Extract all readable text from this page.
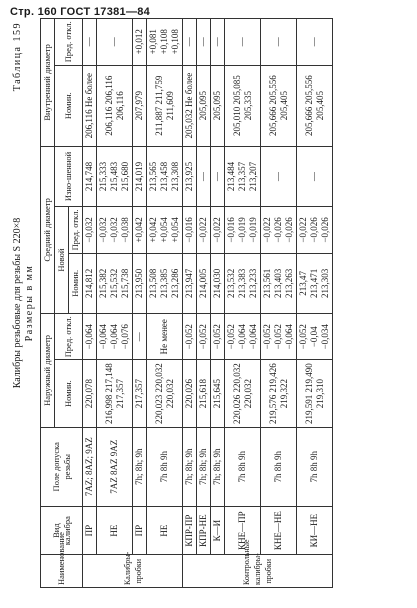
Стр. 160 ГОСТ 17381—84
Калибры резьбовые для резьбы S 220×8 Размеры в мм
Таблица 159
Наименование	Вид калибра	Поле допуска резьбы	Наружный диаметр		Средний диаметр			Внутренний диаметр	
			Номин.	Пред. откл.	Новой		Изно-шенной	Номин.	Пред. откл.
					Номин.	Пред. откл.			
Калибры-пробки	ПР	7AZ; 8AZ; 9AZ	220,078	−0,064	214,812	−0,032	214,748	206,116 Не более	—
	НЕ	7AZ 8AZ 9AZ	216,998 217,148 217,357	−0,064 −0,064 −0,076	215,382 215,532 215,738	−0,032 −0,032 −0,038	215,333 215,483 215,680	206,116 206,116 206,116	—
	ПР	7h; 8h; 9h	217,357	—	213,950	+0,042	214,019	207,979	+0,012
	НЕ	7h 8h 9h	220,023 220,032 220,032	Не менее	213,508 213,385 213,286	+0,042 +0,054 +0,054	213,565 213,458 213,308	211,887 211,759 211,609	+0,081 +0,108 +0,108
Контрольные калибры-пробки	КПР-ПР	7h; 8h; 9h	220,026	−0,052	213,947	−0,016	213,925	205,032 Не более	—
	КПР-НЕ	7h; 8h; 9h	215,618	−0,052	214,005	−0,022	—	205,095	—
	К—И	7h; 8h; 9h	215,645	−0,052	214,030	−0,022	—	205,095	—
	КНЕ—ПР	7h 8h 9h	220,026 220,032 220,032	−0,052 −0,064 −0,064	213,532 213,383 213,233	−0,016 −0,019 −0,019	213,484 213,357 213,207	205,010 205,085 205,335	—
	КНЕ—НЕ	7h 8h 9h	219,576 219,426 219,322	−0,052 −0,052 −0,064	213,561 213,403 213,263	−0,022 −0,026 −0,026	—	205,666 205,556 205,405	—
	КИ—НЕ	7h 8h 9h	219,591 219,490 219,310	−0,052 −0,04 −0,034	213,47 213,471 213,303	−0,022 −0,026 −0,026	—	205,666 205,556 205,405	—
